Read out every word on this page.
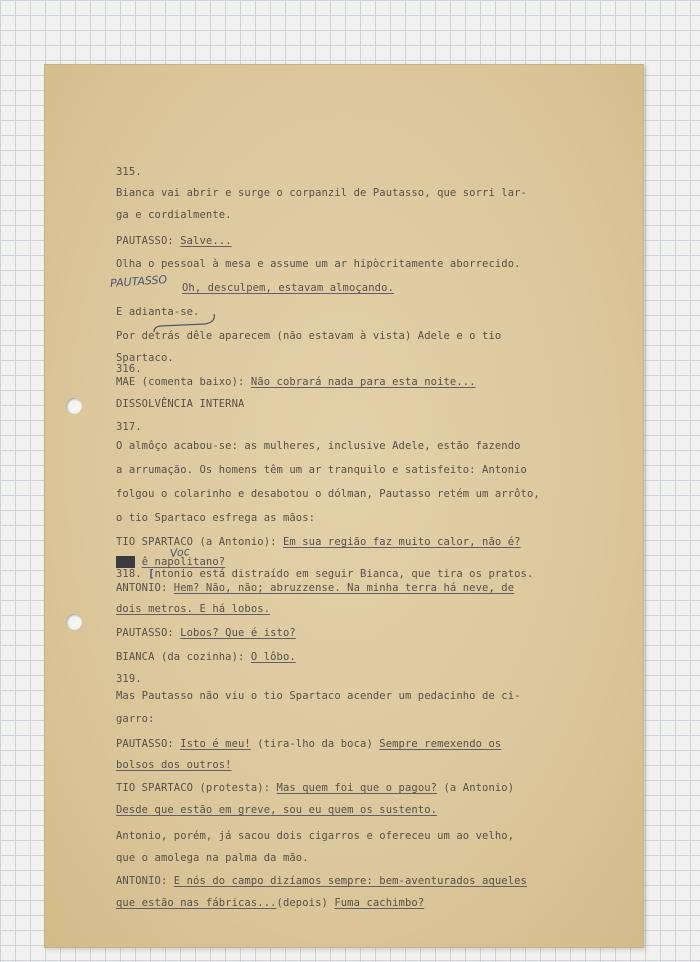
315.

Bianca vai abrir e surge o corpanzil de Pautasso, que sorri lar-

ga e cordialmente.

PAUTASSO: Salve...

Olha o pessoal à mesa e assume um ar hipòcritamente aborrecido.

PAUTASSO Oh, desculpem, estavam almoçando.

E adianta-se.

Por detrás dêle aparecem (não estavam à vista) Adele e o tio

Spartaco.

316.

MAE (comenta baixo): Não cobrará nada para esta noite...

DISSOLVÊNCIA INTERNA

317.

O almôço acabou-se: as mulheres, inclusive Adele, estão fazendo

a arrumação. Os homens têm um ar tranquilo e satisfeito: Antonio

folgou o colarinho e desabotou o dólman, Pautasso retém um arrôto,

o tio Spartaco esfrega as mãos:

TIO SPARTACO (a Antonio): Em sua região faz muito calor, não é?

Voc

Xxx ê napolitano?

318. [ntonio está distraído em seguir Bianca, que tira os pratos.

ANTONIO: Hem? Não, não; abruzzense. Na minha terra há neve, de

dois metros. E há lobos.

PAUTASSO: Lobos? Que é isto?

BIANCA (da cozinha): O lôbo.

319.

Mas Pautasso não viu o tio Spartaco acender um pedacinho de ci-

garro:

PAUTASSO: Isto é meu! (tira-lho da boca) Sempre remexendo os

bolsos dos outros!

TIO SPARTACO (protesta): Mas quem foi que o pagou? (a Antonio)

Desde que estão em greve, sou eu quem os sustento.

Antonio, porém, já sacou dois cigarros e ofereceu um ao velho,

que o amolega na palma da mão.

ANTONIO: E nós do campo dizíamos sempre: bem-aventurados aqueles

que estão nas fábricas...(depois) Fuma cachimbo?
